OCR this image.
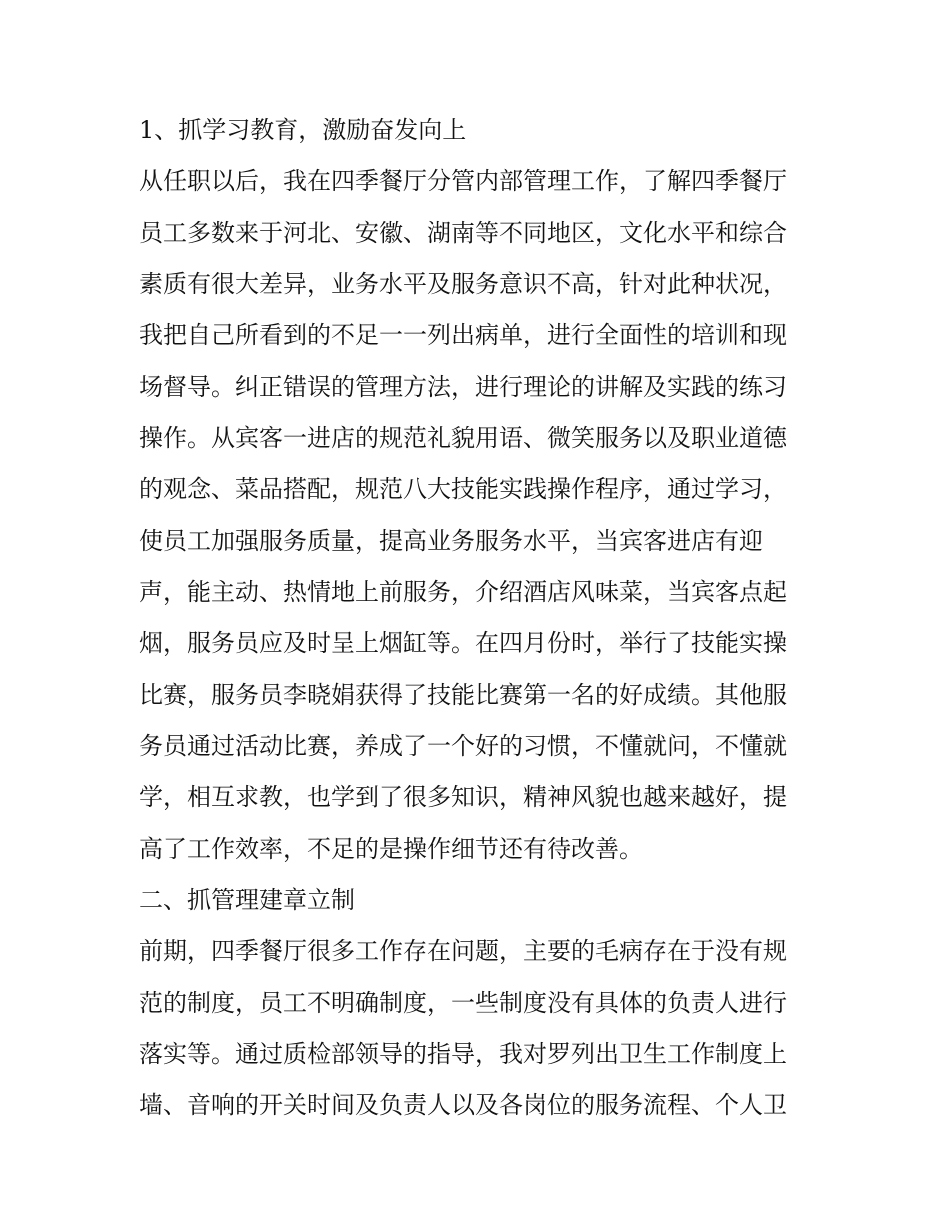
1、抓学习教育，激励奋发向上
从任职以后，我在四季餐厅分管内部管理工作，了解四季餐厅
员工多数来于河北、安徽、湖南等不同地区，文化水平和综合
素质有很大差异，业务水平及服务意识不高，针对此种状况，
我把自己所看到的不足一一列出病单，进行全面性的培训和现
场督导。纠正错误的管理方法，进行理论的讲解及实践的练习
操作。从宾客一进店的规范礼貌用语、微笑服务以及职业道德
的观念、菜品搭配，规范八大技能实践操作程序，通过学习，
使员工加强服务质量，提高业务服务水平，当宾客进店有迎
声，能主动、热情地上前服务，介绍酒店风味菜，当宾客点起
烟，服务员应及时呈上烟缸等。在四月份时，举行了技能实操
比赛，服务员李晓娟获得了技能比赛第一名的好成绩。其他服
务员通过活动比赛，养成了一个好的习惯，不懂就问，不懂就
学，相互求教，也学到了很多知识，精神风貌也越来越好，提
高了工作效率，不足的是操作细节还有待改善。
二、抓管理建章立制
前期，四季餐厅很多工作存在问题，主要的毛病存在于没有规
范的制度，员工不明确制度，一些制度没有具体的负责人进行
落实等。通过质检部领导的指导，我对罗列出卫生工作制度上
墙、音响的开关时间及负责人以及各岗位的服务流程、个人卫
